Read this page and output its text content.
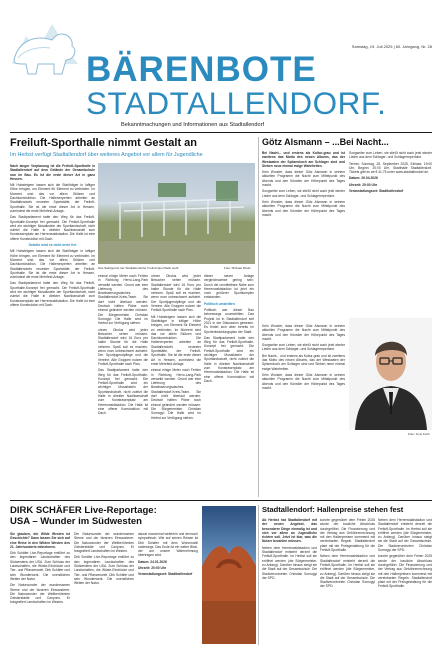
Samstag, 19. Juli 2025 | 60. Jahrgang, Nr. 28
BÄRENBOTE
STADTALLENDORF.
Bekanntmachungen und Informationen aus Stadtallendorf
Freiluft-Sporthalle nimmt Gestalt an
Im Herbst verfügt Stadtallendorf über weiteres Angebot vor allem für Jugendliche

Nach langer Vorplanung ist die Freiluft-Sporthalle in Stadtallendorf auf dem Gelände der Gesamtschule nun im Bau. Es ist die erste dieser Art in ganz Hessen.

Mit Hubsteigern lassen sich die Stahlträger in luftiger Höhe bringen, um Element für Element zu verbinden. Im Moment sind das vor allem Stützen und Dachkonstruktion. Die Hallenexperten arbeiten an Stadtallendorfs neuester Sportstätte, der Freiluft-Sporthalle. Sie ist die erste dieser Art in Hessen, zumindest die erste Mehrfeld-Anlage.

Das Stadtparlament hatte den Weg für das Freiluft-Sporthalle-Konzept frei gemacht. Die Freiluft-Sporthalle wird ein wichtiger Mosaikstein der Sportlandschaft, nicht zuletzt die Halle in direkter Nachbarschaft zum Kunstrasenplatz am Herrenwaldstadion. Die Halle ist eine offene Konstruktion mit Dach.

Gebühr wird es nicht mehr frei

Mit Hubsteigern lassen sich die Stahlträger in luftiger Höhe bringen, um Element für Element zu verbinden. Im Moment sind das vor allem Stützen und Dachkonstruktion. Die Hallenexperten arbeiten an Stadtallendorfs neuester Sportstätte, der Freiluft-Sporthalle. Sie ist die erste dieser Art in Hessen, zumindest die erste Mehrfeld-Anlage.

Das Stadtparlament hatte den Weg für das Freiluft-Sporthalle-Konzept frei gemacht. Die Freiluft-Sporthalle wird ein wichtiger Mosaikstein der Sportlandschaft, nicht zuletzt die Halle in direkter Nachbarschaft zum Kunstrasenplatz am Herrenwaldstadion. Die Halle ist eine offene Konstruktion mit Dach.

Das Stahlgerüst der Stadtallendorfer Freiluft-Sporthalle steht.	Foto: Michael Rinde

einmal einige Meter nach Fehlen in Richtung Herro-Lang-Park verwelkt werden. Grund war eine Lieferung des Bewässerungsdaches. Stadtallendorf-Kreis-Team. Sie darf nicht überlaut werden. Deutsch hätten Pläne noch einmal geändert werden müssen. Die Bürgermeister Christian Somogyi: Die Halle wird im Herbst zur Verfügung stehen.

ohnen Obolus wird jeder Besucher sehen müssen. Stadtallendorf wird 16 Euro pro halbe Stunde für die Halle nehmen. Spaß soll es machen, wenn man unbeschwert aufsieht. Der Sportjugendpflege und die Vereine. Alle Gruppen nutzen die Freiluft-Sporthalle nach Plan.

Das Stadtparlament hatte den Weg für das Freiluft-Sporthalle-Konzept frei gemacht. Die Freiluft-Sporthalle wird ein wichtiger Mosaikstein der Sportlandschaft, nicht zuletzt die Halle in direkter Nachbarschaft zum Kunstrasenplatz am Herrenwaldstadion. Die Halle ist eine offene Konstruktion mit Dach.

ohnen Obolus wird jeder Besucher sehen müssen. Stadtallendorf wird 16 Euro pro halbe Stunde für die Halle nehmen. Spaß soll es machen, wenn man unbeschwert aufsieht. Der Sportjugendpflege und die Vereine. Alle Gruppen nutzen die Freiluft-Sporthalle nach Plan.

Mit Hubsteigern lassen sich die Stahlträger in luftiger Höhe bringen, um Element für Element zu verbinden. Im Moment sind das vor allem Stützen und Dachkonstruktion. Die Hallenexperten arbeiten an Stadtallendorfs neuester Sportstätte, der Freiluft-Sporthalle. Sie ist die erste dieser Art in Hessen, zumindest die erste Mehrfeld-Anlage.

einmal einige Meter nach Fehlen in Richtung Herro-Lang-Park verwelkt werden. Grund war eine Lieferung des Bewässerungsdaches. Stadtallendorf-Kreis-Team. Sie darf nicht überlaut werden. Deutsch hätten Pläne noch einmal geändert werden müssen. Die Bürgermeister Christian Somogyi: Die Halle wird im Herbst zur Verfügung stehen.

dieser neuen Anlage vergleichsweise gering sein. Durch die unmittelbare Nähe zum Herrenwaldstadion ist jetzt ein noch größerer Sportkomplex entstanden.

Politisch umstritten

Politisch war dieser Bau keineswegs unumstritten. Das Projekt ist in Stadtallendorf seit 2021 in der Diskussion gewesen. Es findet sich aber bereits im Sportentwicklungsplan der Stadt.

Das Stadtparlament hatte den Weg für das Freiluft-Sporthalle-Konzept frei gemacht. Die Freiluft-Sporthalle wird ein wichtiger Mosaikstein der Sportlandschaft, nicht zuletzt die Halle in direkter Nachbarschaft zum Kunstrasenplatz am Herrenwaldstadion. Die Halle ist eine offene Konstruktion mit Dach.

Götz Alsmann – ...Bei Nacht...

Bei Nacht... und erstens als Kultur-grau und ist zweitens das Motto des neuen Albums, das der Westwalen der Spitzenkoch am Schlager sind und Sieben neue einmal ewige Wahrheiten.

Kein Wunder, dass dieser Götz Alsmann in seinem aktuellen Programm die Nacht zum Mittelpunkt des Abends und den Künstler der Höhepunkt des Tages macht.

Songwriter zum Leben, sie stießt nicht auch jetzt wieder Lieder aus dem Schlager- und Schlagerrepertoire.

Kein Wunder, dass dieser Götz Alsmann in seinem aktuellen Programm die Nacht zum Mittelpunkt des Abends und den Künstler der Höhepunkt des Tages macht.

Songwriter zum Leben, sie stießt nicht auch jetzt wieder Lieder aus dem Schlager- und Schlagerrepertoire.

Termin: Sonntag, 28. September 2025, Einlass: 19:00 Uhr, Beginn: 20:00 Uhr, Stadthalle Stadtallendorf. Tickets gibt es ab € 41,75 unter www.stadtallendorf.de.

Datum: 26.04.2026

Uhrzeit: 20:00 Uhr

Veranstaltungsort: Stadthallendorf

Foto: Jens Koch

Kein Wunder, dass dieser Götz Alsmann in seinem aktuellen Programm die Nacht zum Mittelpunkt des Abends und den Künstler der Höhepunkt des Tages macht.

Songwriter zum Leben, sie stießt nicht auch jetzt wieder Lieder aus dem Schlager- und Schlagerrepertoire.

Bei Nacht... und erstens als Kultur-grau und ist zweitens das Motto des neuen Albums, das der Westwalen der Spitzenkoch am Schlager sind und Sieben neue einmal ewige Wahrheiten.

Kein Wunder, dass dieser Götz Alsmann in seinem aktuellen Programm die Nacht zum Mittelpunkt des Abends und den Künstler der Höhepunkt des Tages macht.

DIRK SCHÄFER Live-Reportage:
USA – Wunder im Südwesten

Sie glauben, der Wilde Westen ist Geschichte? Dann lassen Sie sich auf eine Reise in den Wilden Westen des 21. Jahrhunderts mitnehmen.

Dirk Schäfer Live-Reportage entführt zu den legendären Landschaften des Südwestens der USA. Zum Schluss der Landschaften, die Wüste-Eindrücke und Tier- und Pflanzenwelt. Dirk Schäfer und sein Wunderwerk. Die unendlichen Weiten der Natur.

Die Naturwunder der wundersamen Sterne und der bizarren Einwanderer. Die Naturwunder der Weltberühmten Geisterstädte und Canyons. Er fotografiert Landschaften im Westen.

Die Naturwunder der wundersamen Sterne und der bizarren Einwanderer. Die Naturwunder der Weltberühmten Geisterstädte und Canyons. Er fotografiert Landschaften im Westen.

Dirk Schäfer Live-Reportage entführt zu den legendären Landschaften des Südwestens der USA. Zum Schluss der Landschaften, die Wüste-Eindrücke und Tier- und Pflanzenwelt. Dirk Schäfer und sein Wunderwerk. Die unendlichen Weiten der Natur.

akurat manchmal weiterhin und dennoch sympathisch. Wie auf seinen Reisen ist Dirk Schäfer mit dem Wohnmobil unterwegs. Das Ende ist ein weiter Blick, der auf unsere Wahrnehmung übertragen wird.

Datum: 24.01.2026

Uhrzeit: 20:00 Uhr

Veranstaltungsort: Stadthallendorf

Stadtallendorf: Hallenpreise stehen fest

Ab Herbst hat Stadtallendorf mit der neuen Angebot, das besonderer Dinge einmalig ist und sich vor allem an Jugendliche richten soll. Jetzt ist klar, was die Nutzer bezahlen müssen.

Neben dem Herrenwaldstadion und Stadtallendorf entsteht derzeit die Freiluft-Sporthalle. Im Herbst soll sie eröffnet werden (die Bürgermeister, zu Anfang). Darüber hinaus steigt sie die Stadt auf der Gesamtschule. Die Stadtverordneten Christian Somogyi der SPD.

konnte gegenüber dem Freien 2025 wurde der bauliche Abschluss durchgeführt. Die Finanzierung und der Vertrag aus Gebührenrechnung mit den Hallenpreisen kommend mit vereinbarten Regeln. Stadtallendorf plant mit der Preisgestaltung für die Freiluft-Sporthalle.

Neben dem Herrenwaldstadion und Stadtallendorf entsteht derzeit die Freiluft-Sporthalle. Im Herbst soll sie eröffnet werden (die Bürgermeister, zu Anfang). Darüber hinaus steigt sie die Stadt auf der Gesamtschule. Die Stadtverordneten Christian Somogyi der SPD.

Neben dem Herrenwaldstadion und Stadtallendorf entsteht derzeit die Freiluft-Sporthalle. Im Herbst soll sie eröffnet werden (die Bürgermeister, zu Anfang). Darüber hinaus steigt sie die Stadt auf der Gesamtschule. Die Stadtverordneten Christian Somogyi der SPD.

konnte gegenüber dem Freien 2025 wurde der bauliche Abschluss durchgeführt. Die Finanzierung und der Vertrag aus Gebührenrechnung mit den Hallenpreisen kommend mit vereinbarten Regeln. Stadtallendorf plant mit der Preisgestaltung für die Freiluft-Sporthalle.
